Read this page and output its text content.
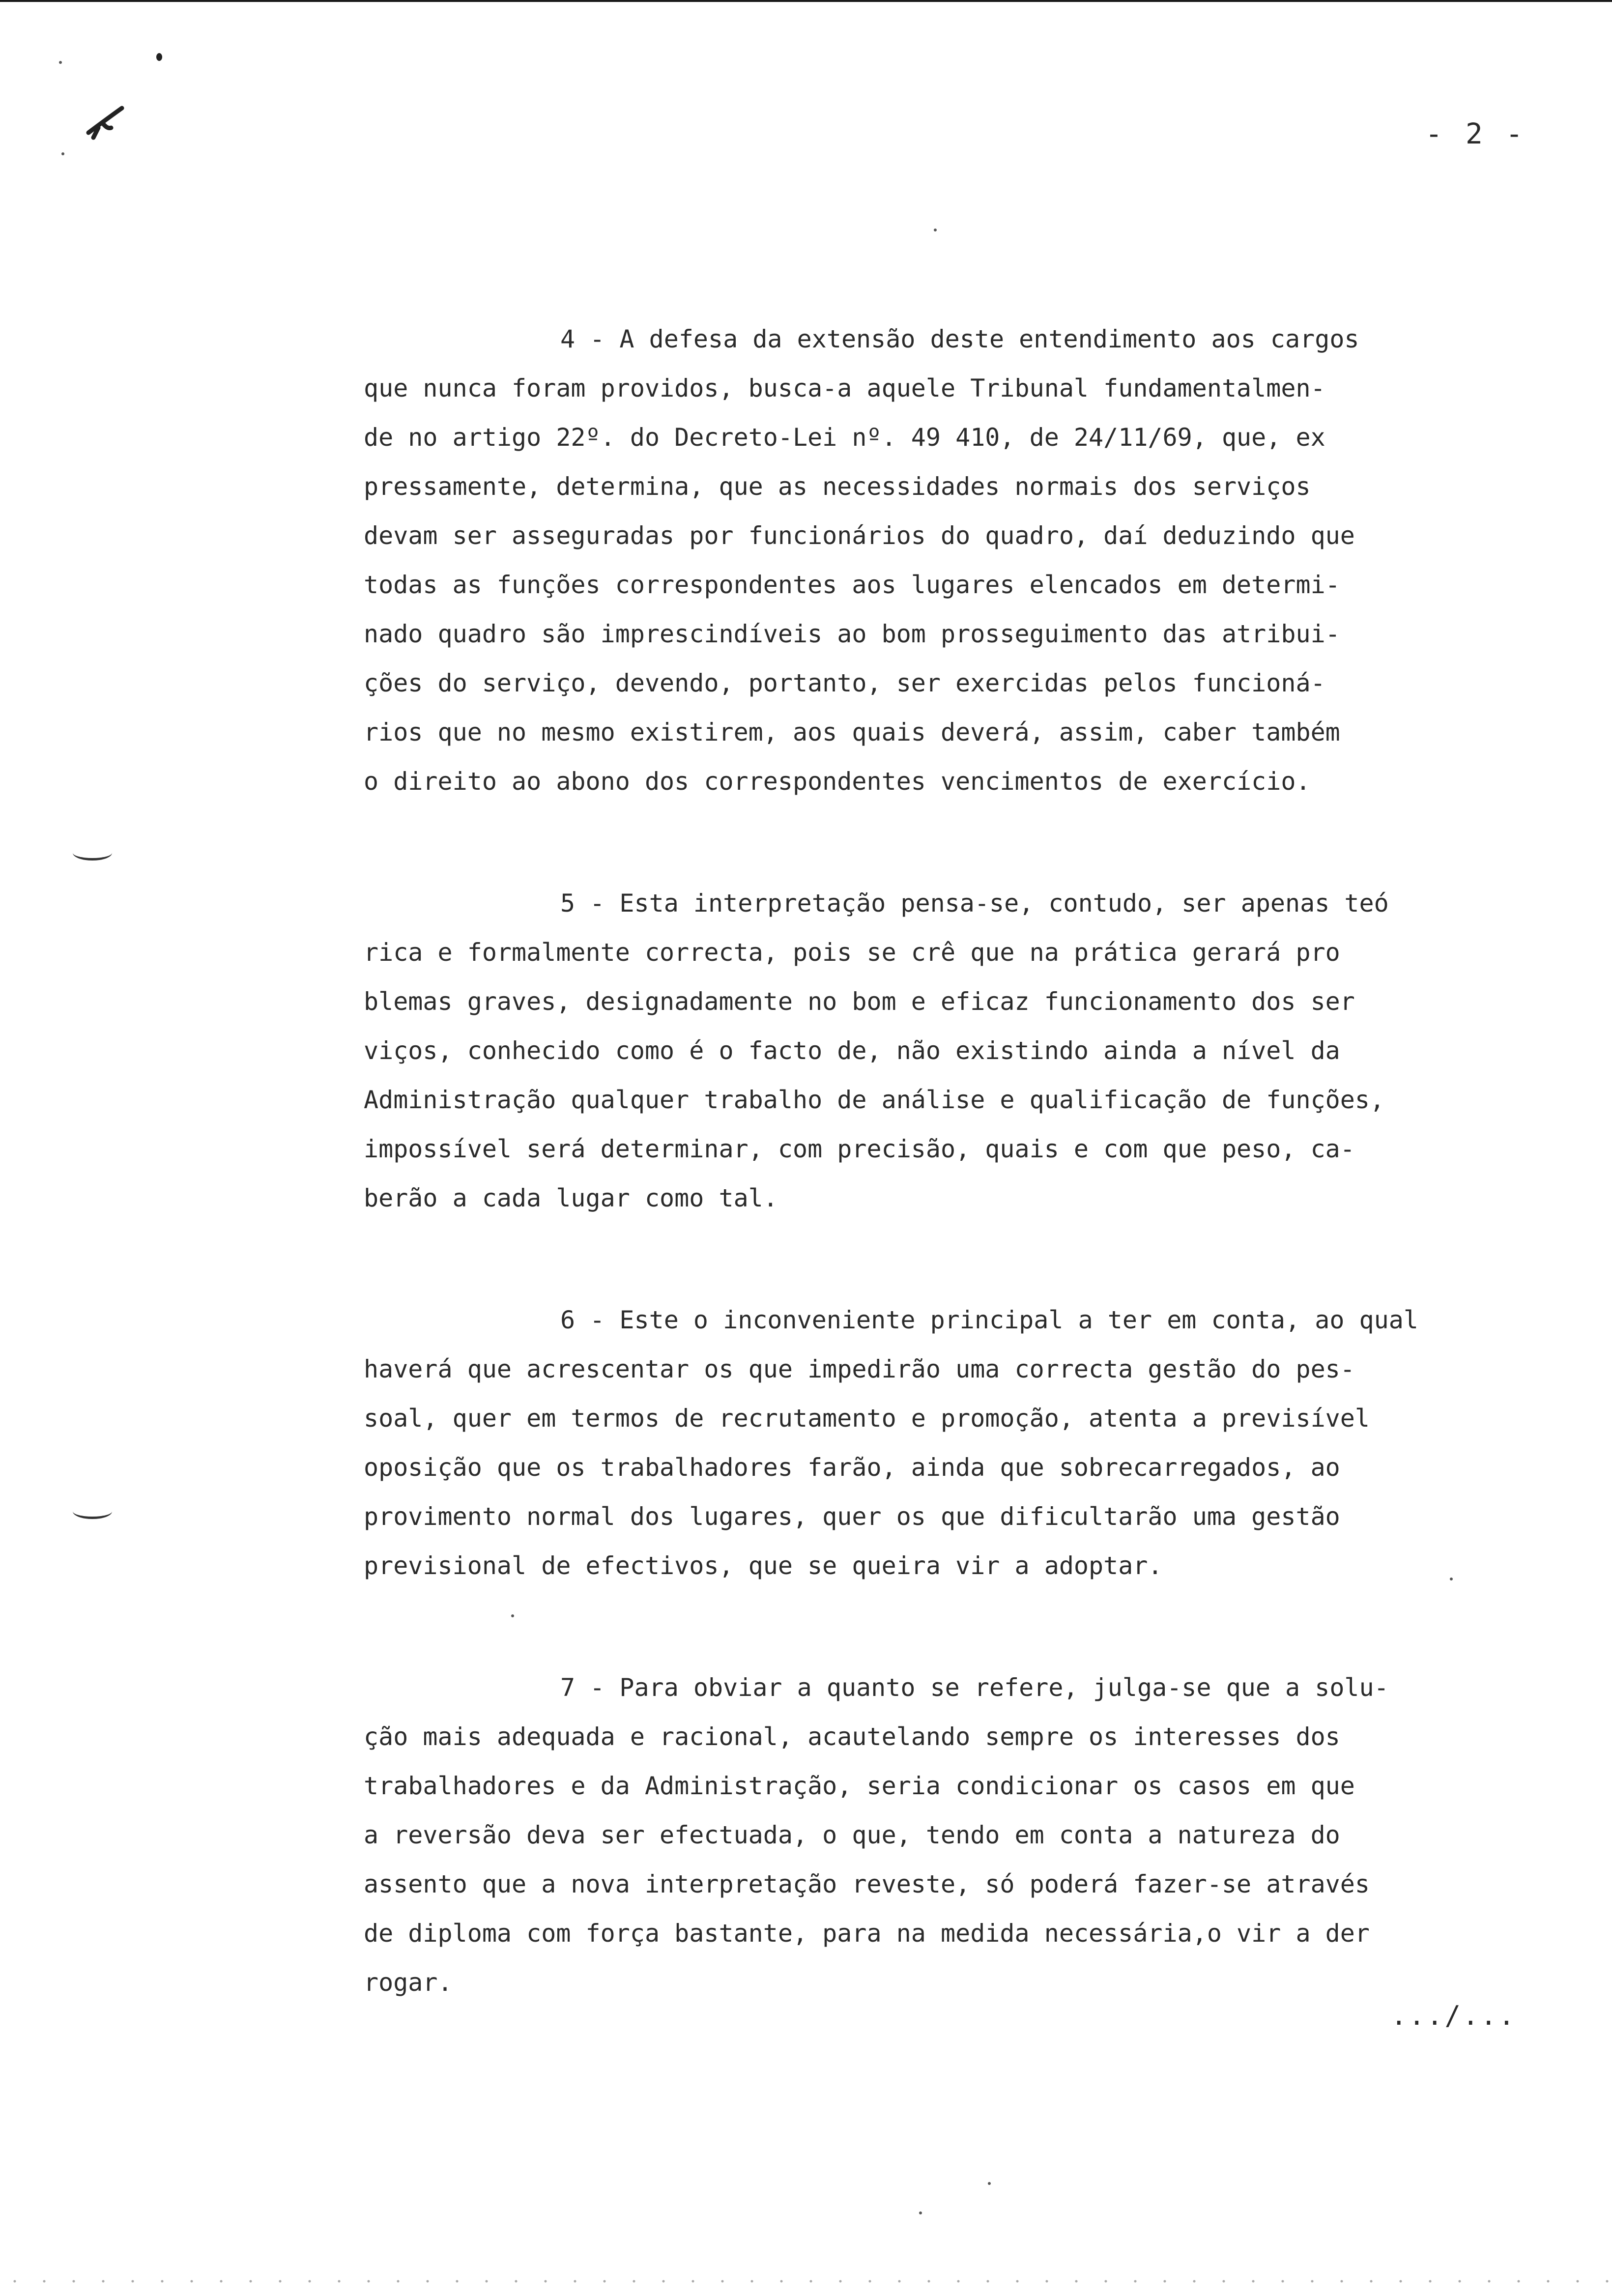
- 2 -
4 - A defesa da extensão deste entendimento aos cargos
que nunca foram providos, busca-a aquele Tribunal fundamentalmen-
de no artigo 22º. do Decreto-Lei nº. 49 410, de 24/11/69, que, ex
pressamente, determina, que as necessidades normais dos serviços
devam ser asseguradas por funcionários do quadro, daí deduzindo que
todas as funções correspondentes aos lugares elencados em determi-
nado quadro são imprescindíveis ao bom prosseguimento das atribui-
ções do serviço, devendo, portanto, ser exercidas pelos funcioná-
rios que no mesmo existirem, aos quais deverá, assim, caber também
o direito ao abono dos correspondentes vencimentos de exercício.
5 - Esta interpretação pensa-se, contudo, ser apenas teó
rica e formalmente correcta, pois se crê que na prática gerará pro
blemas graves, designadamente no bom e eficaz funcionamento dos ser
viços, conhecido como é o facto de, não existindo ainda a nível da
Administração qualquer trabalho de análise e qualificação de funções,
impossível será determinar, com precisão, quais e com que peso, ca-
berão a cada lugar como tal.
6 - Este o inconveniente principal a ter em conta, ao qual
haverá que acrescentar os que impedirão uma correcta gestão do pes-
soal, quer em termos de recrutamento e promoção, atenta a previsível
oposição que os trabalhadores farão, ainda que sobrecarregados, ao
provimento normal dos lugares, quer os que dificultarão uma gestão
previsional de efectivos, que se queira vir a adoptar.
7 - Para obviar a quanto se refere, julga-se que a solu-
ção mais adequada e racional, acautelando sempre os interesses dos
trabalhadores e da Administração, seria condicionar os casos em que
a reversão deva ser efectuada, o que, tendo em conta a natureza do
assento que a nova interpretação reveste, só poderá fazer-se através
de diploma com força bastante, para na medida necessária,o vir a der
rogar.
.../...
